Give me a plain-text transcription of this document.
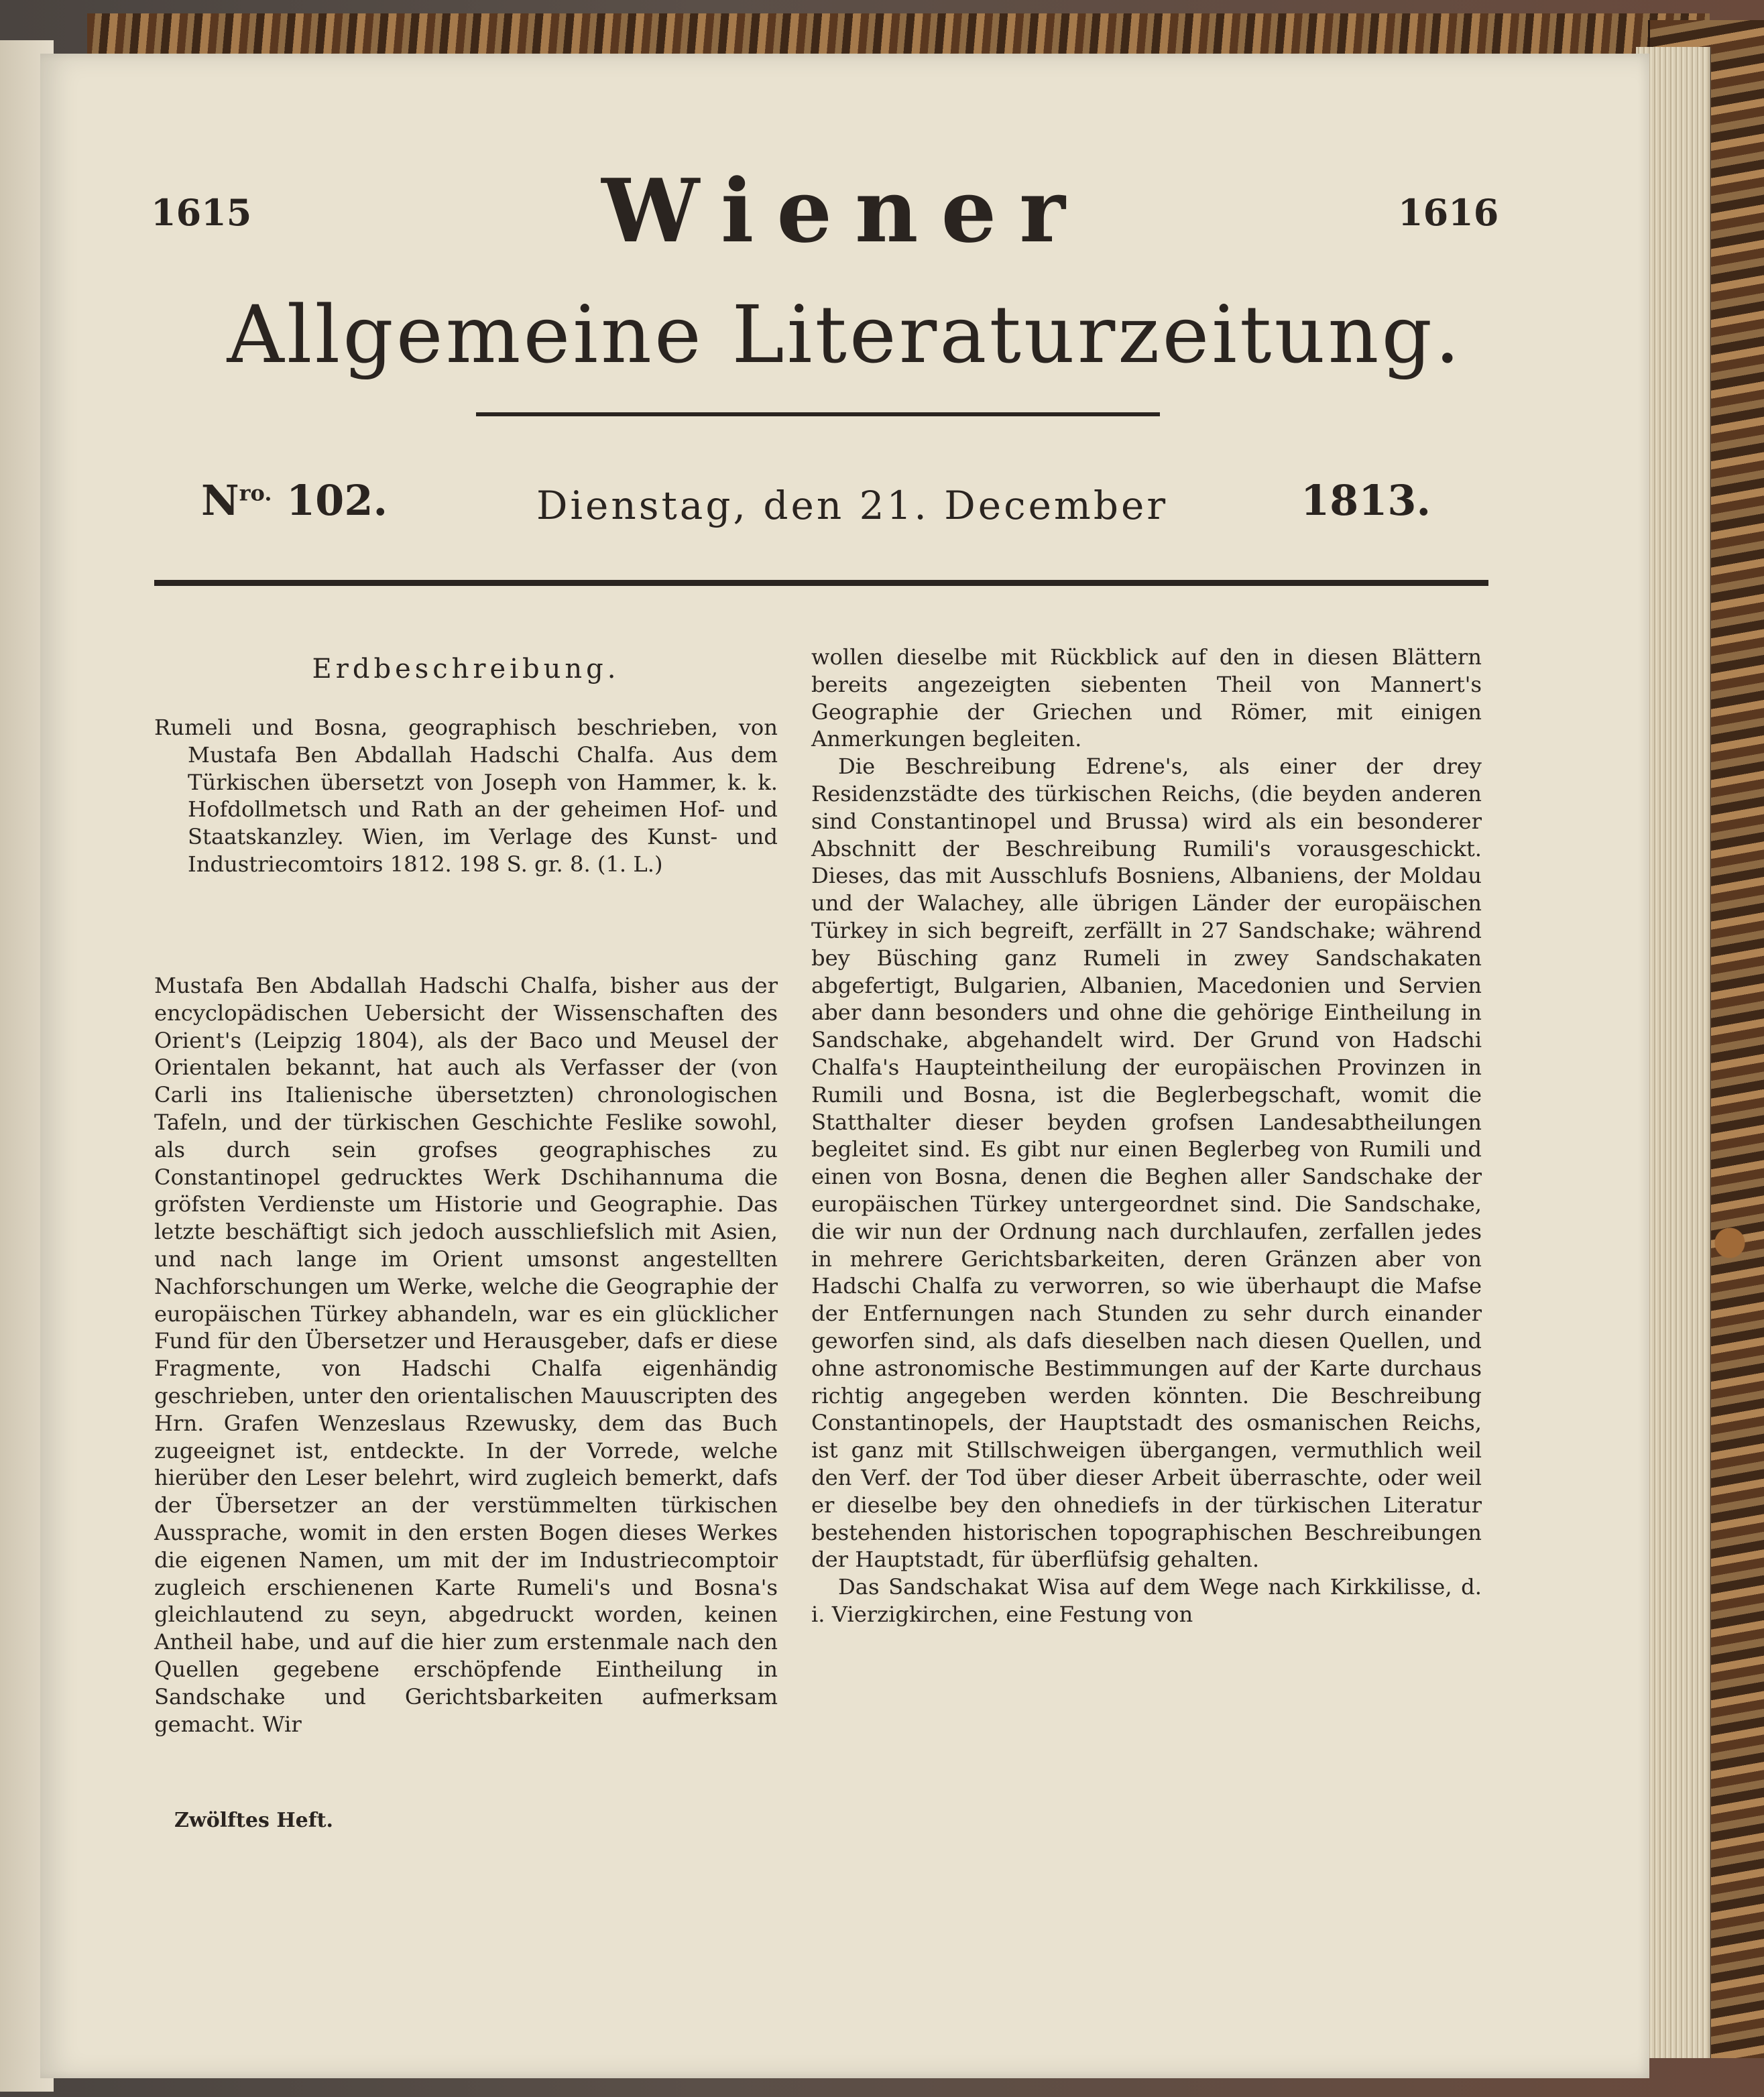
1615	1616
Wiener
Allgemeine Literaturzeitung.
$N^{ro.}$ 102.	Dienstag, den 21. December	1813.
Erdbeschreibung.

Rumeli und Bosna, geographisch beschrieben, von Mustafa Ben Abdallah Hadschi Chalfa. Aus dem Türkischen übersetzt von Joseph von Hammer, k. k. Hofdollmetsch und Rath an der geheimen Hof- und Staatskanzley. Wien, im Verlage des Kunst- und Industriecomtoirs 1812. 198 S. gr. 8. (1. L.)

Mustafa Ben Abdallah Hadschi Chalfa, bisher aus der encyclopädischen Uebersicht der Wissenschaften des Orient's (Leipzig 1804), als der Baco und Meusel der Orientalen bekannt, hat auch als Verfasser der (von Carli ins Italienische übersetzten) chronologischen Tafeln, und der türkischen Geschichte Feslike sowohl, als durch sein grofses geographisches zu Constantinopel gedrucktes Werk Dschihannuma die gröfsten Verdienste um Historie und Geographie. Das letzte beschäftigt sich jedoch ausschliefslich mit Asien, und nach lange im Orient umsonst angestellten Nachforschungen um Werke, welche die Geographie der europäischen Türkey abhandeln, war es ein glücklicher Fund für den Übersetzer und Herausgeber, dafs er diese Fragmente, von Hadschi Chalfa eigenhändig geschrieben, unter den orientalischen Mauuscripten des Hrn. Grafen Wenzeslaus Rzewusky, dem das Buch zugeeignet ist, entdeckte. In der Vorrede, welche hierüber den Leser belehrt, wird zugleich bemerkt, dafs der Übersetzer an der verstümmelten türkischen Aussprache, womit in den ersten Bogen dieses Werkes die eigenen Namen, um mit der im Industriecomptoir zugleich erschienenen Karte Rumeli's und Bosna's gleichlautend zu seyn, abgedruckt worden, keinen Antheil habe, und auf die hier zum erstenmale nach den Quellen gegebene erschöpfende Eintheilung in Sandschake und Gerichtsbarkeiten aufmerksam gemacht. Wir

Zwölftes Heft.

wollen dieselbe mit Rückblick auf den in diesen Blättern bereits angezeigten siebenten Theil von Mannert's Geographie der Griechen und Römer, mit einigen Anmerkungen begleiten.

Die Beschreibung Edrene's, als einer der drey Residenzstädte des türkischen Reichs, (die beyden anderen sind Constantinopel und Brussa) wird als ein besonderer Abschnitt der Beschreibung Rumili's vorausgeschickt. Dieses, das mit Ausschlufs Bosniens, Albaniens, der Moldau und der Walachey, alle übrigen Länder der europäischen Türkey in sich begreift, zerfällt in 27 Sandschake; während bey Büsching ganz Rumeli in zwey Sandschakaten abgefertigt, Bulgarien, Albanien, Macedonien und Servien aber dann besonders und ohne die gehörige Eintheilung in Sandschake, abgehandelt wird. Der Grund von Hadschi Chalfa's Haupteintheilung der europäischen Provinzen in Rumili und Bosna, ist die Beglerbegschaft, womit die Statthalter dieser beyden grofsen Landesabtheilungen begleitet sind. Es gibt nur einen Beglerbeg von Rumili und einen von Bosna, denen die Beghen aller Sandschake der europäischen Türkey untergeordnet sind. Die Sandschake, die wir nun der Ordnung nach durchlaufen, zerfallen jedes in mehrere Gerichtsbarkeiten, deren Gränzen aber von Hadschi Chalfa zu verworren, so wie überhaupt die Mafse der Entfernungen nach Stunden zu sehr durch einander geworfen sind, als dafs dieselben nach diesen Quellen, und ohne astronomische Bestimmungen auf der Karte durchaus richtig angegeben werden könnten. Die Beschreibung Constantinopels, der Hauptstadt des osmanischen Reichs, ist ganz mit Stillschweigen übergangen, vermuthlich weil den Verf. der Tod über dieser Arbeit überraschte, oder weil er dieselbe bey den ohnediefs in der türkischen Literatur bestehenden historischen topographischen Beschreibungen der Hauptstadt, für überflüfsig gehalten.

Das Sandschakat Wisa auf dem Wege nach Kirkkilisse, d. i. Vierzigkirchen, eine Festung von
